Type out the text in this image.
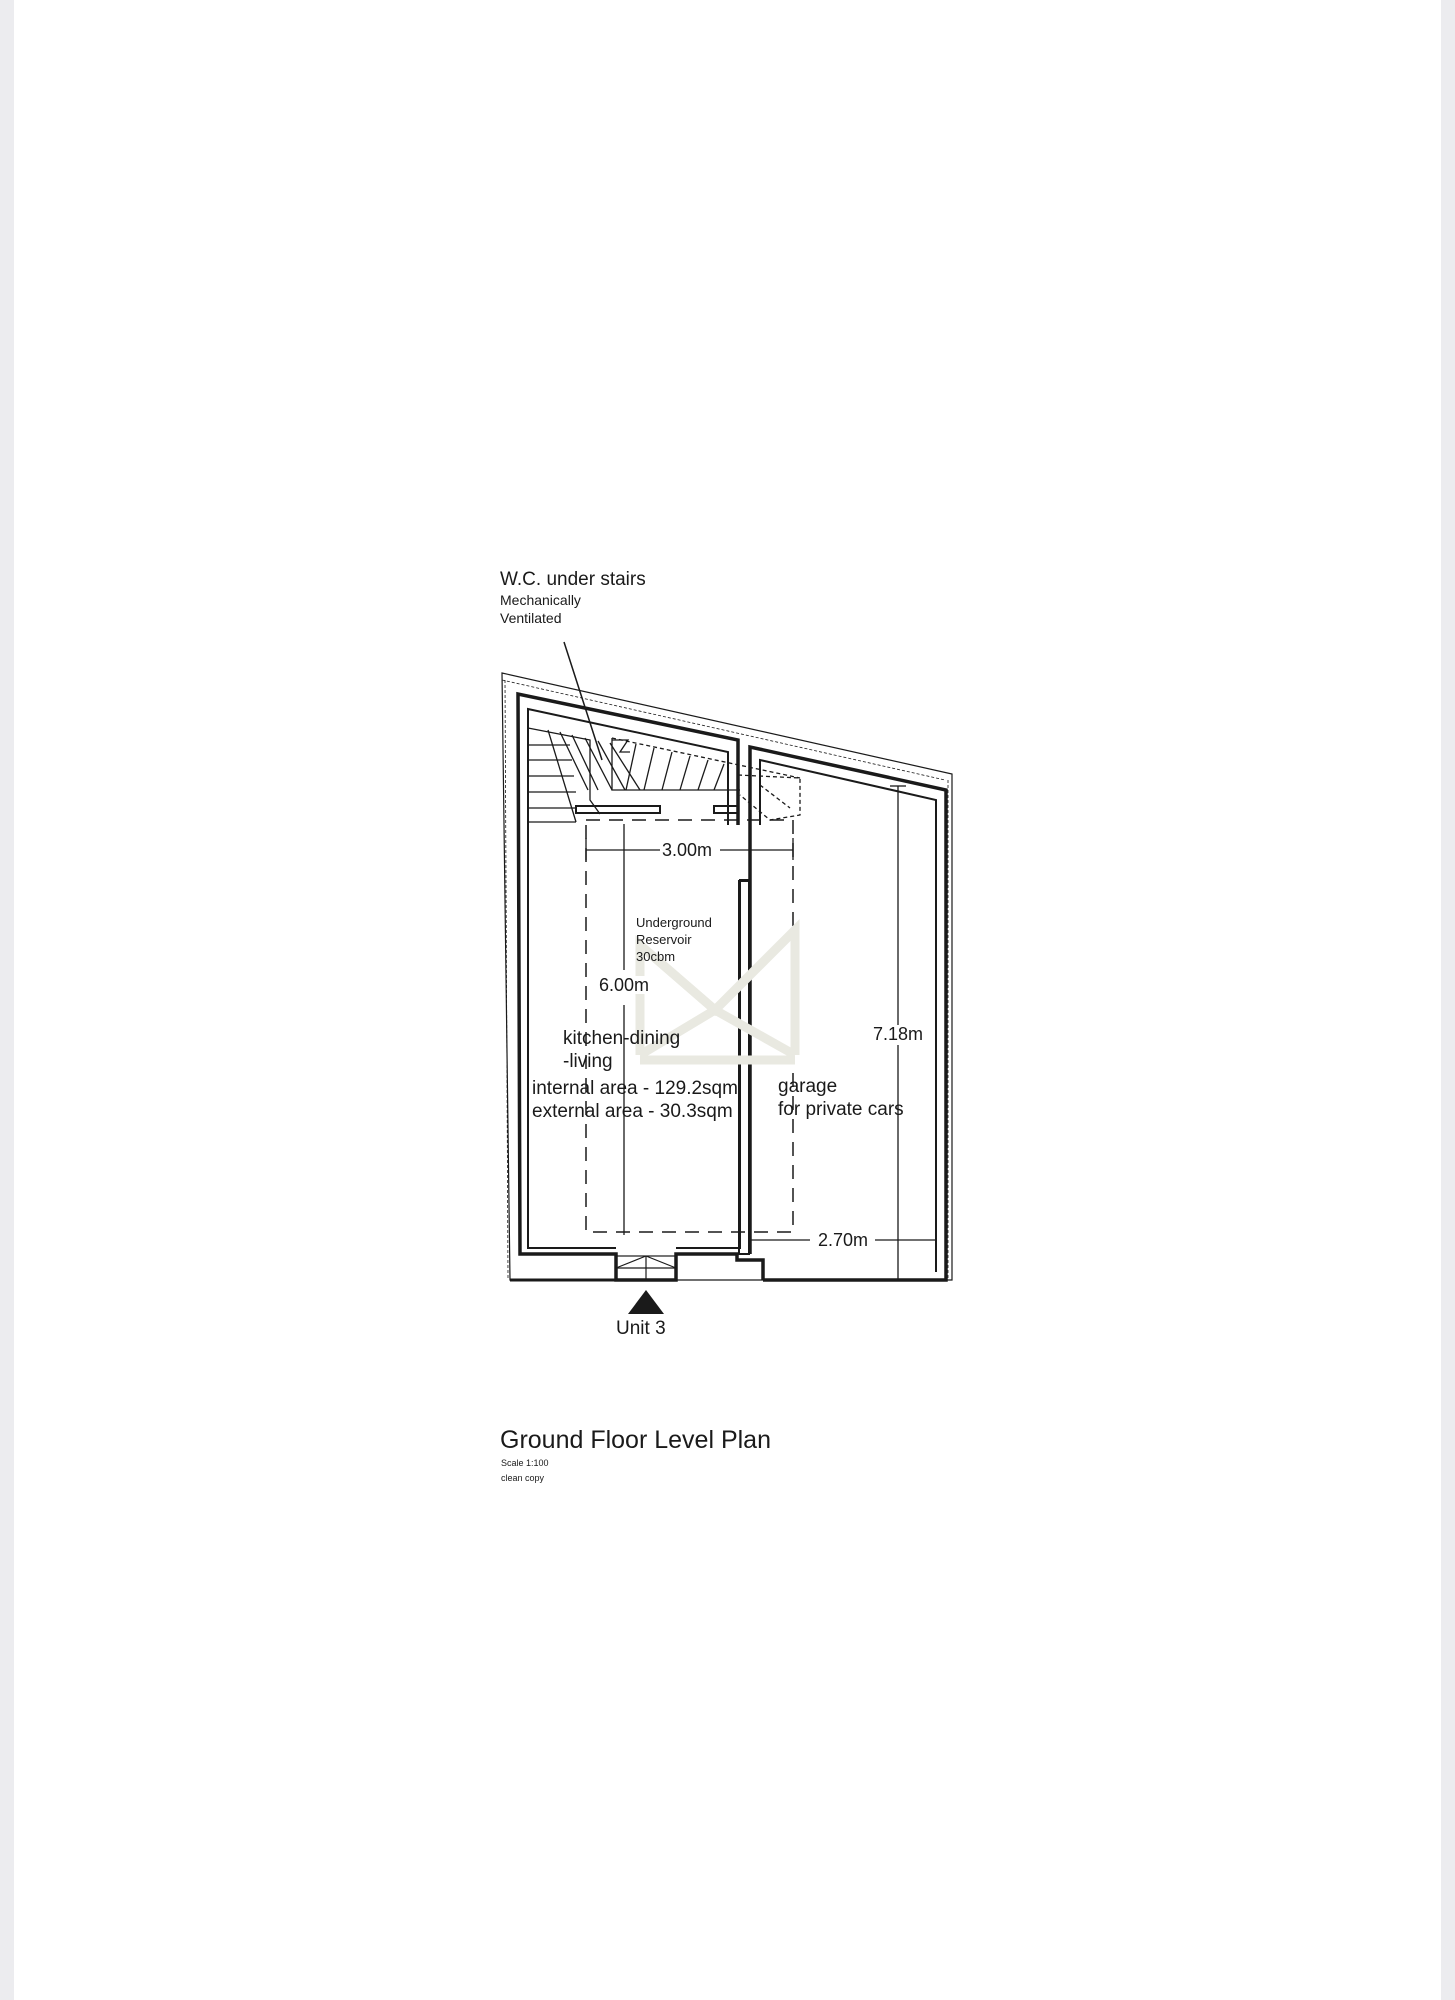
W.C. under stairs
Mechanically
Ventilated
Underground
Reservoir
30cbm
kitchen-dining
-living
internal area - 129.2sqm
external area - 30.3sqm
garage
for private cars
3.00m
6.00m
7.18m
2.70m
Unit 3
Ground Floor Level Plan
Scale 1:100
clean copy
